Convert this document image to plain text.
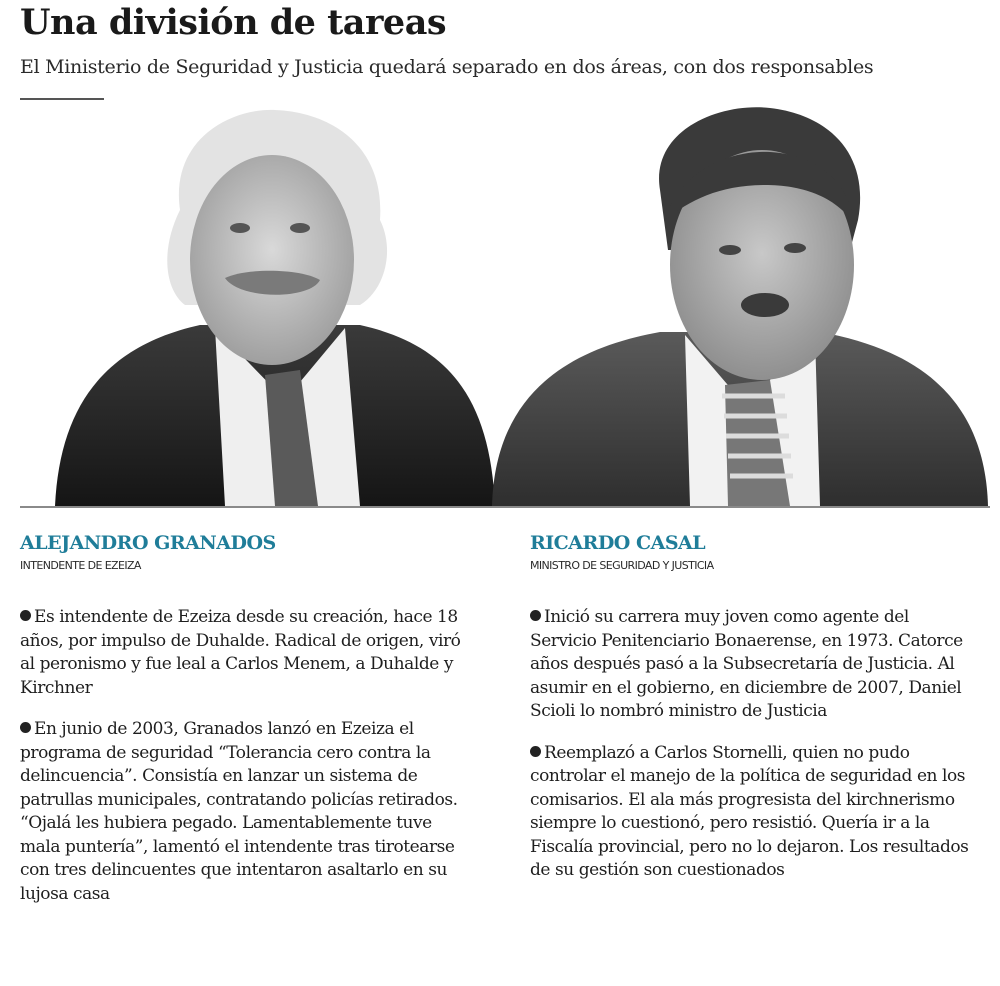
Una división de tareas

El Ministerio de Seguridad y Justicia quedará separado en dos áreas, con dos responsables

ALEJANDRO GRANADOS

INTENDENTE DE EZEIZA

Es intendente de Ezeiza desde su creación, hace 18 años, por impulso de Duhalde. Radical de origen, viró al peronismo y fue leal a Carlos Menem, a Duhalde y Kirchner

En junio de 2003, Granados lanzó en Ezeiza el programa de seguridad “Tolerancia cero contra la delincuencia”. Consistía en lanzar un sistema de patrullas municipales, contratando policías retirados. “Ojalá les hubiera pegado. Lamentablemente tuve mala puntería”, lamentó el intendente tras tirotearse con tres delincuentes que intentaron asaltarlo en su lujosa casa

RICARDO CASAL

MINISTRO DE SEGURIDAD Y JUSTICIA

Inició su carrera muy joven como agente del Servicio Penitenciario Bonaerense, en 1973. Catorce años después pasó a la Subsecretaría de Justicia. Al asumir en el gobierno, en diciembre de 2007, Daniel Scioli lo nombró ministro de Justicia

Reemplazó a Carlos Stornelli, quien no pudo controlar el manejo de la política de seguridad en los comisarios. El ala más progresista del kirchnerismo siempre lo cuestionó, pero resistió. Quería ir a la Fiscalía provincial, pero no lo dejaron. Los resultados de su gestión son cuestionados
